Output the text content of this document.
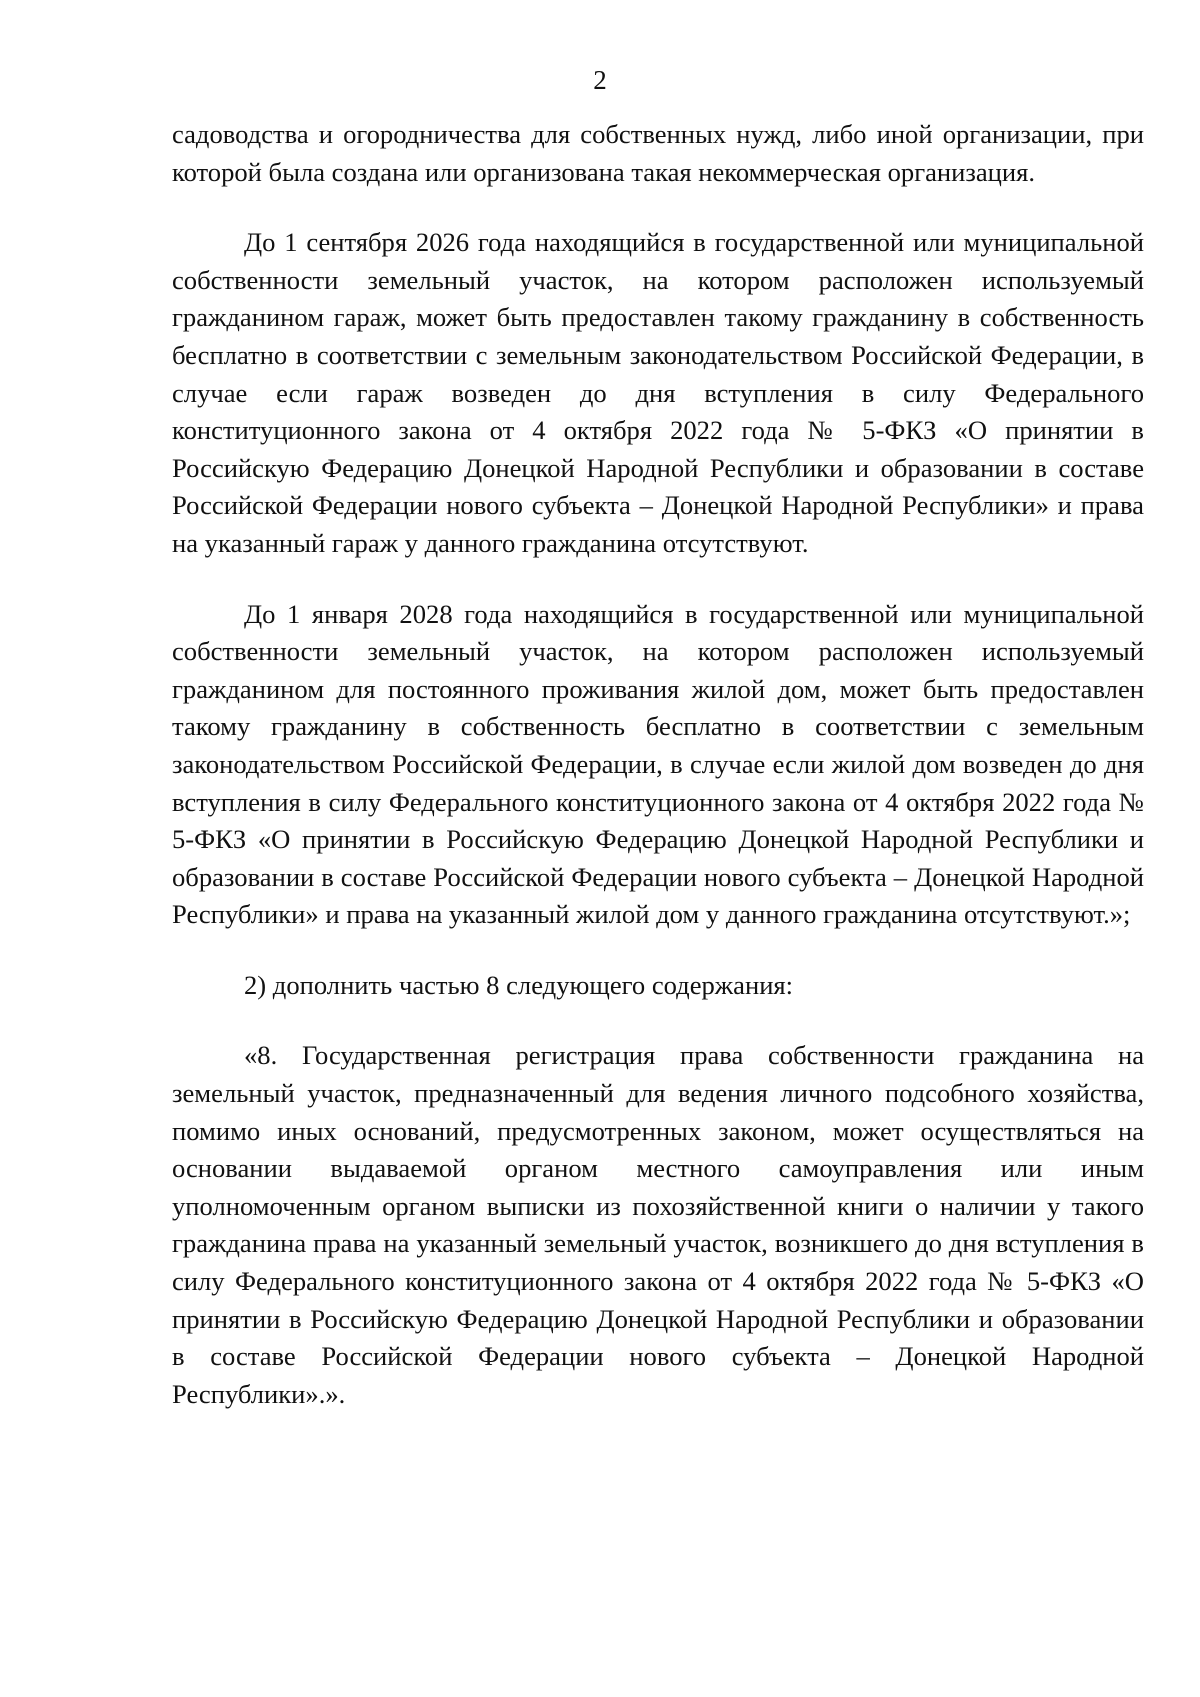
2

садоводства и огородничества для собственных нужд, либо иной организации, при которой была создана или организована такая некоммерческая организация.

До 1 сентября 2026 года находящийся в государственной или муниципальной собственности земельный участок, на котором расположен используемый гражданином гараж, может быть предоставлен такому гражданину в собственность бесплатно в соответствии с земельным законодательством Российской Федерации, в случае если гараж возведен до дня вступления в силу Федерального конституционного закона от 4 октября 2022 года № 5-ФКЗ «О принятии в Российскую Федерацию Донецкой Народной Республики и образовании в составе Российской Федерации нового субъекта – Донецкой Народной Республики» и права на указанный гараж у данного гражданина отсутствуют.

До 1 января 2028 года находящийся в государственной или муниципальной собственности земельный участок, на котором расположен используемый гражданином для постоянного проживания жилой дом, может быть предоставлен такому гражданину в собственность бесплатно в соответствии с земельным законодательством Российской Федерации, в случае если жилой дом возведен до дня вступления в силу Федерального конституционного закона от 4 октября 2022 года № 5-ФКЗ «О принятии в Российскую Федерацию Донецкой Народной Республики и образовании в составе Российской Федерации нового субъекта – Донецкой Народной Республики» и права на указанный жилой дом у данного гражданина отсутствуют.»;

2) дополнить частью 8 следующего содержания:

«8. Государственная регистрация права собственности гражданина на земельный участок, предназначенный для ведения личного подсобного хозяйства, помимо иных оснований, предусмотренных законом, может осуществляться на основании выдаваемой органом местного самоуправления или иным уполномоченным органом выписки из похозяйственной книги о наличии у такого гражданина права на указанный земельный участок, возникшего до дня вступления в силу Федерального конституционного закона от 4 октября 2022 года № 5-ФКЗ «О принятии в Российскую Федерацию Донецкой Народной Республики и образовании в составе Российской Федерации нового субъекта – Донецкой Народной Республики».».
